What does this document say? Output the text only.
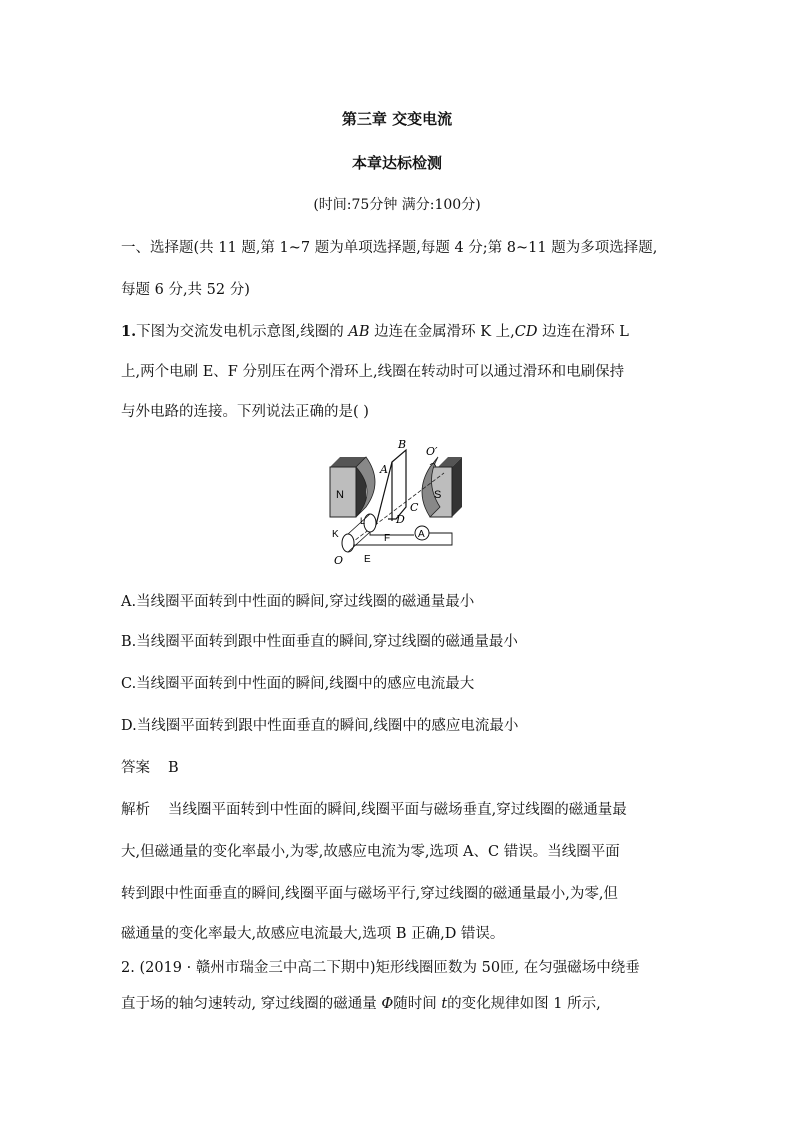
第三章 交变电流
本章达标检测
(时间:75分钟 满分:100分)
一、选择题(共 11 题,第 1~7 题为单项选择题,每题 4 分;第 8~11 题为多项选择题,
每题 6 分,共 52 分)
1.下图为交流发电机示意图,线圈的 AB 边连在金属滑环 K 上,CD 边连在滑环 L
上,两个电刷 E、F 分别压在两个滑环上,线圈在转动时可以通过滑环和电刷保持
与外电路的连接。下列说法正确的是( )
N	S
A
B
O′
A
C
D
L
F
K
E
O
A.当线圈平面转到中性面的瞬间,穿过线圈的磁通量最小
B.当线圈平面转到跟中性面垂直的瞬间,穿过线圈的磁通量最小
C.当线圈平面转到中性面的瞬间,线圈中的感应电流最大
D.当线圈平面转到跟中性面垂直的瞬间,线圈中的感应电流最小
答案 B
解析 当线圈平面转到中性面的瞬间,线圈平面与磁场垂直,穿过线圈的磁通量最
大,但磁通量的变化率最小,为零,故感应电流为零,选项 A、C 错误。当线圈平面
转到跟中性面垂直的瞬间,线圈平面与磁场平行,穿过线圈的磁通量最小,为零,但
磁通量的变化率最大,故感应电流最大,选项 B 正确,D 错误。
2. (2019 · 赣州市瑞金三中高二下期中)矩形线圈匝数为 50匝, 在匀强磁场中绕垂
直于场的轴匀速转动, 穿过线圈的磁通量 Φ随时间 t的变化规律如图 1 所示,
